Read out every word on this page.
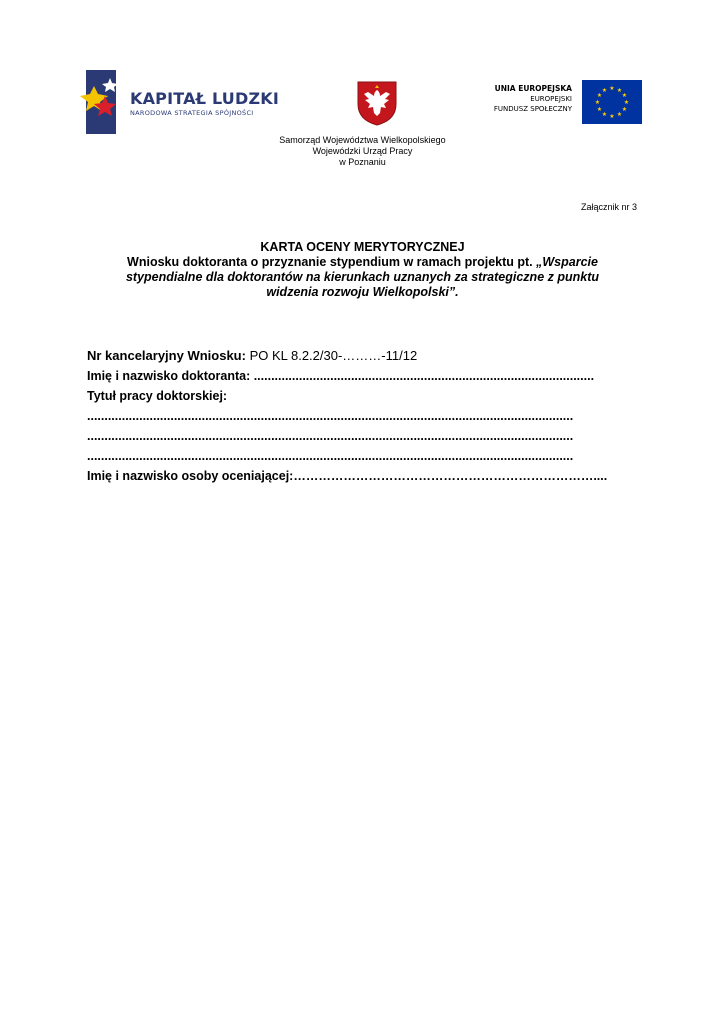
KAPITAŁ LUDZKI
NARODOWA STRATEGIA SPÓJNOŚCI
UNIA EUROPEJSKA
EUROPEJSKI
FUNDUSZ SPOŁECZNY
★ ★
★
★
★
★
★
★
★
★
★
★
Samorząd Województwa Wielkopolskiego
Wojewódzki Urząd Pracy
w Poznaniu
Załącznik nr 3
KARTA OCENY MERYTORYCZNEJ
Wniosku doktoranta o przyznanie stypendium w ramach projektu pt. „Wsparcie
stypendialne dla doktorantów na kierunkach uznanych za strategiczne z punktu
widzenia rozwoju Wielkopolski”.
Nr kancelaryjny Wniosku: PO KL 8.2.2/30-………-11/12
Imię i nazwisko doktoranta: ..................................................................................................
Tytuł pracy doktorskiej:
............................................................................................................................................
............................................................................................................................................
............................................................................................................................................
Imię i nazwisko osoby oceniającej:………………………………………………………………....
